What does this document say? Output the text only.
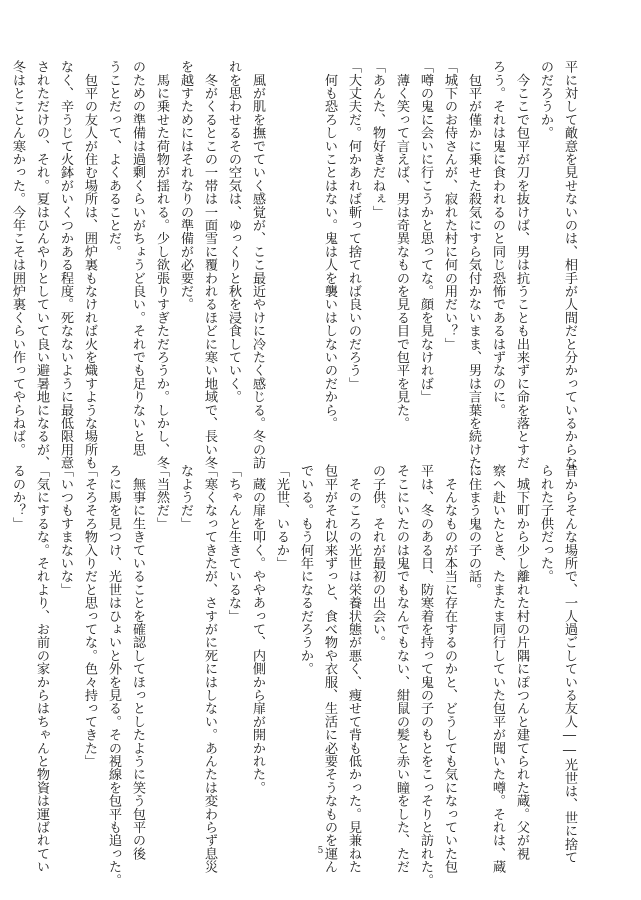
平に対して敵意を見せないのは、相手が人間だと分かっているからな
のだろうか。
　今ここで包平が刀を抜けば、男は抗うことも出来ずに命を落とすだ
ろう。それは鬼に食われるのと同じ恐怖であるはずなのに。
　包平が僅かに乗せた殺気にすら気付かないまま、男は言葉を続けた。
「城下のお侍さんが、寂れた村に何の用だい？」
「噂の鬼に会いに行こうかと思ってな。顔を見なければ」
　薄く笑って言えば、男は奇異なものを見る目で包平を見た。
「あんた、物好きだねぇ」
「大丈夫だ。何かあれば斬って捨てれば良いのだろう」
　何も恐ろしいことはない。鬼は人を襲いはしないのだから。

　風が肌を撫でていく感覚が、ここ最近やけに冷たく感じる。冬の訪
れを思わせるその空気は、ゆっくりと秋を浸食していく。
　冬がくるとこの一帯は一面雪に覆われるほどに寒い地域で、長い冬
を越すためにはそれなりの準備が必要だ。
　馬に乗せた荷物が揺れる。少し欲張りすぎただろうか。しかし、冬
のための準備は過剰くらいがちょうど良い。それでも足りないと思
うことだって、よくあることだ。
　包平の友人が住む場所は、囲炉裏もなければ火を熾すような場所も
なく、辛うじて火鉢がいくつかある程度。死なないように最低限用意
されただけの、それ。夏はひんやりとしていて良い避暑地になるが、
冬はとことん寒かった。今年こそは囲炉裏くらい作ってやらねば。

昔からそんな場所で、一人過ごしている友人――光世は、世に捨て
られた子供だった。
　城下町から少し離れた村の片隅にぽつんと建てられた蔵。父が視
察へ赴いたとき、たまたま同行していた包平が聞いた噂。それは、蔵
に住まう鬼の子の話。
　そんなものが本当に存在するのかと、どうしても気になっていた包
平は、冬のある日、防寒着を持って鬼の子のもとをこっそりと訪れた。
そこにいたのは鬼でもなんでもない、紺鼠の髪と赤い瞳をした、ただ
の子供。それが最初の出会い。
　そのころの光世は栄養状態が悪く、痩せて背も低かった。見兼ねた
包平がそれ以来ずっと、食べ物や衣服、生活に必要そうなものを運ん
でいる。もう何年になるだろうか。
「光世、いるか」
　蔵の扉を叩く。ややあって、内側から扉が開かれた。
「ちゃんと生きているな」
「寒くなってきたが、さすがに死にはしない。あんたは変わらず息災
なようだ」
「当然だ」
　無事に生きていることを確認してほっとしたように笑う包平の後
ろに馬を見つけ、光世はひょいと外を見る。その視線を包平も追った。
「そろそろ物入りだと思ってな。色々持ってきた」
「いつもすまないな」
「気にするな。それより、お前の家からはちゃんと物資は運ばれてい
るのか？」

5
